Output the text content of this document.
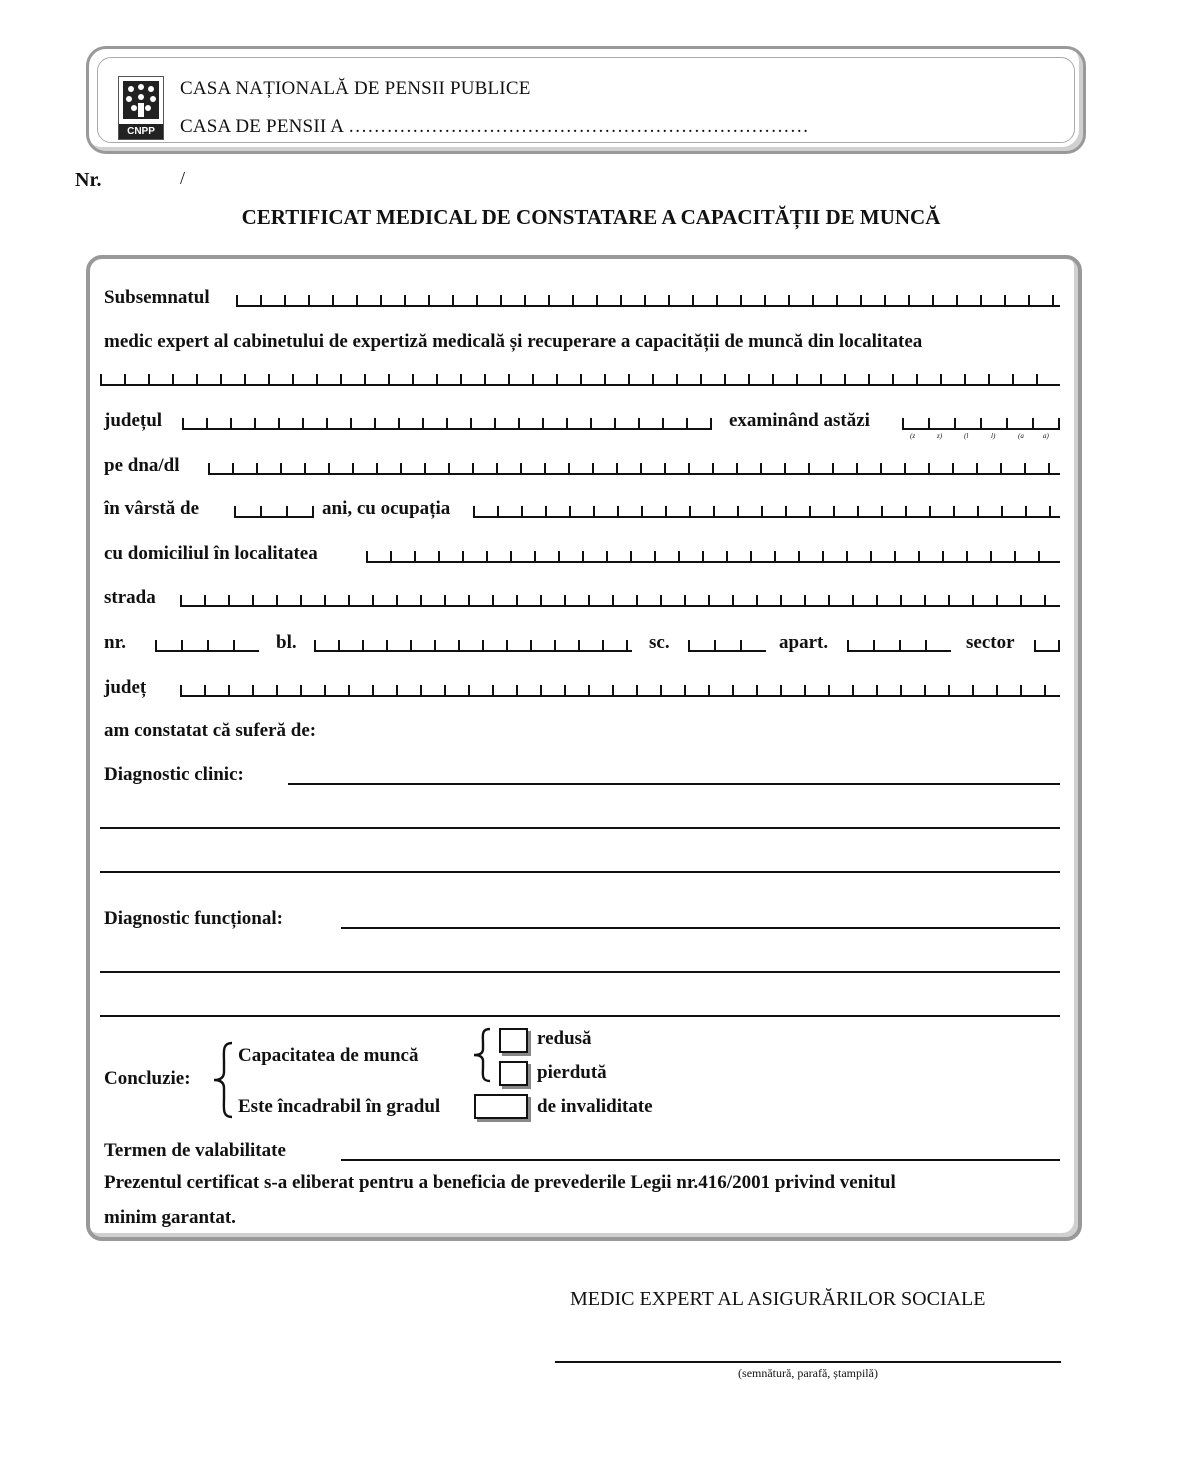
CNPP
CASA NAȚIONALĂ DE PENSII PUBLICE
CASA DE PENSII A ………………………………………………………………
Nr.	/
CERTIFICAT MEDICAL DE CONSTATARE A CAPACITĂȚII DE MUNCĂ
Subsemnatul
medic expert al cabinetului de expertiză medicală și recuperare a capacității de muncă din localitatea
județul	examinând astăzi
(z	z)	(l	l)	(a	a)
pe dna/dl
în vârstă de	ani, cu ocupația
cu domiciliul în localitatea
strada
nr.	bl.	sc.	apart.	sector
județ
am constatat că suferă de:
Diagnostic clinic:
Diagnostic funcțional:
Concluzie:
Capacitatea de muncă
redusă
pierdută
Este încadrabil în gradul	de invaliditate
Termen de valabilitate
Prezentul certificat s-a eliberat pentru a beneficia de prevederile Legii nr.416/2001 privind venitul
minim garantat.
MEDIC EXPERT AL ASIGURĂRILOR SOCIALE
(semnătură, parafă, ștampilă)
